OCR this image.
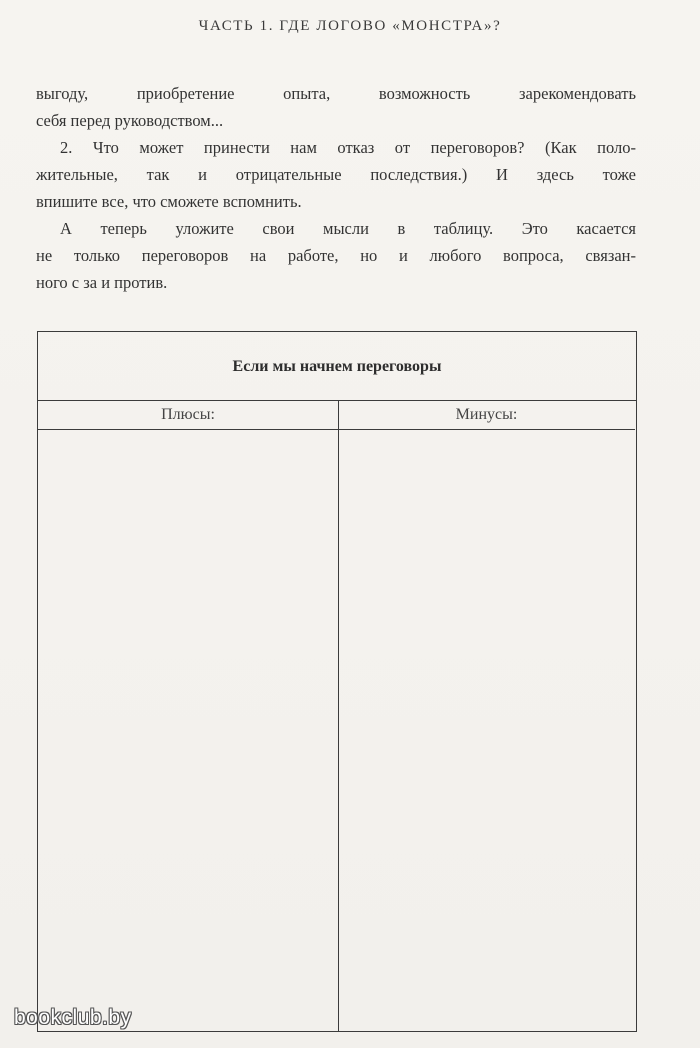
ЧАСТЬ 1. ГДЕ ЛОГОВО «МОНСТРА»?
выгоду, приобретение опыта, возможность зарекомендовать
себя перед руководством...
2. Что может принести нам отказ от переговоров? (Как поло-
жительные, так и отрицательные последствия.) И здесь тоже
впишите все, что сможете вспомнить.
А теперь уложите свои мысли в таблицу. Это касается
не только переговоров на работе, но и любого вопроса, связан-
ного с за и против.
Если мы начнем переговоры
Плюсы:	Минусы:
bookclub.by
